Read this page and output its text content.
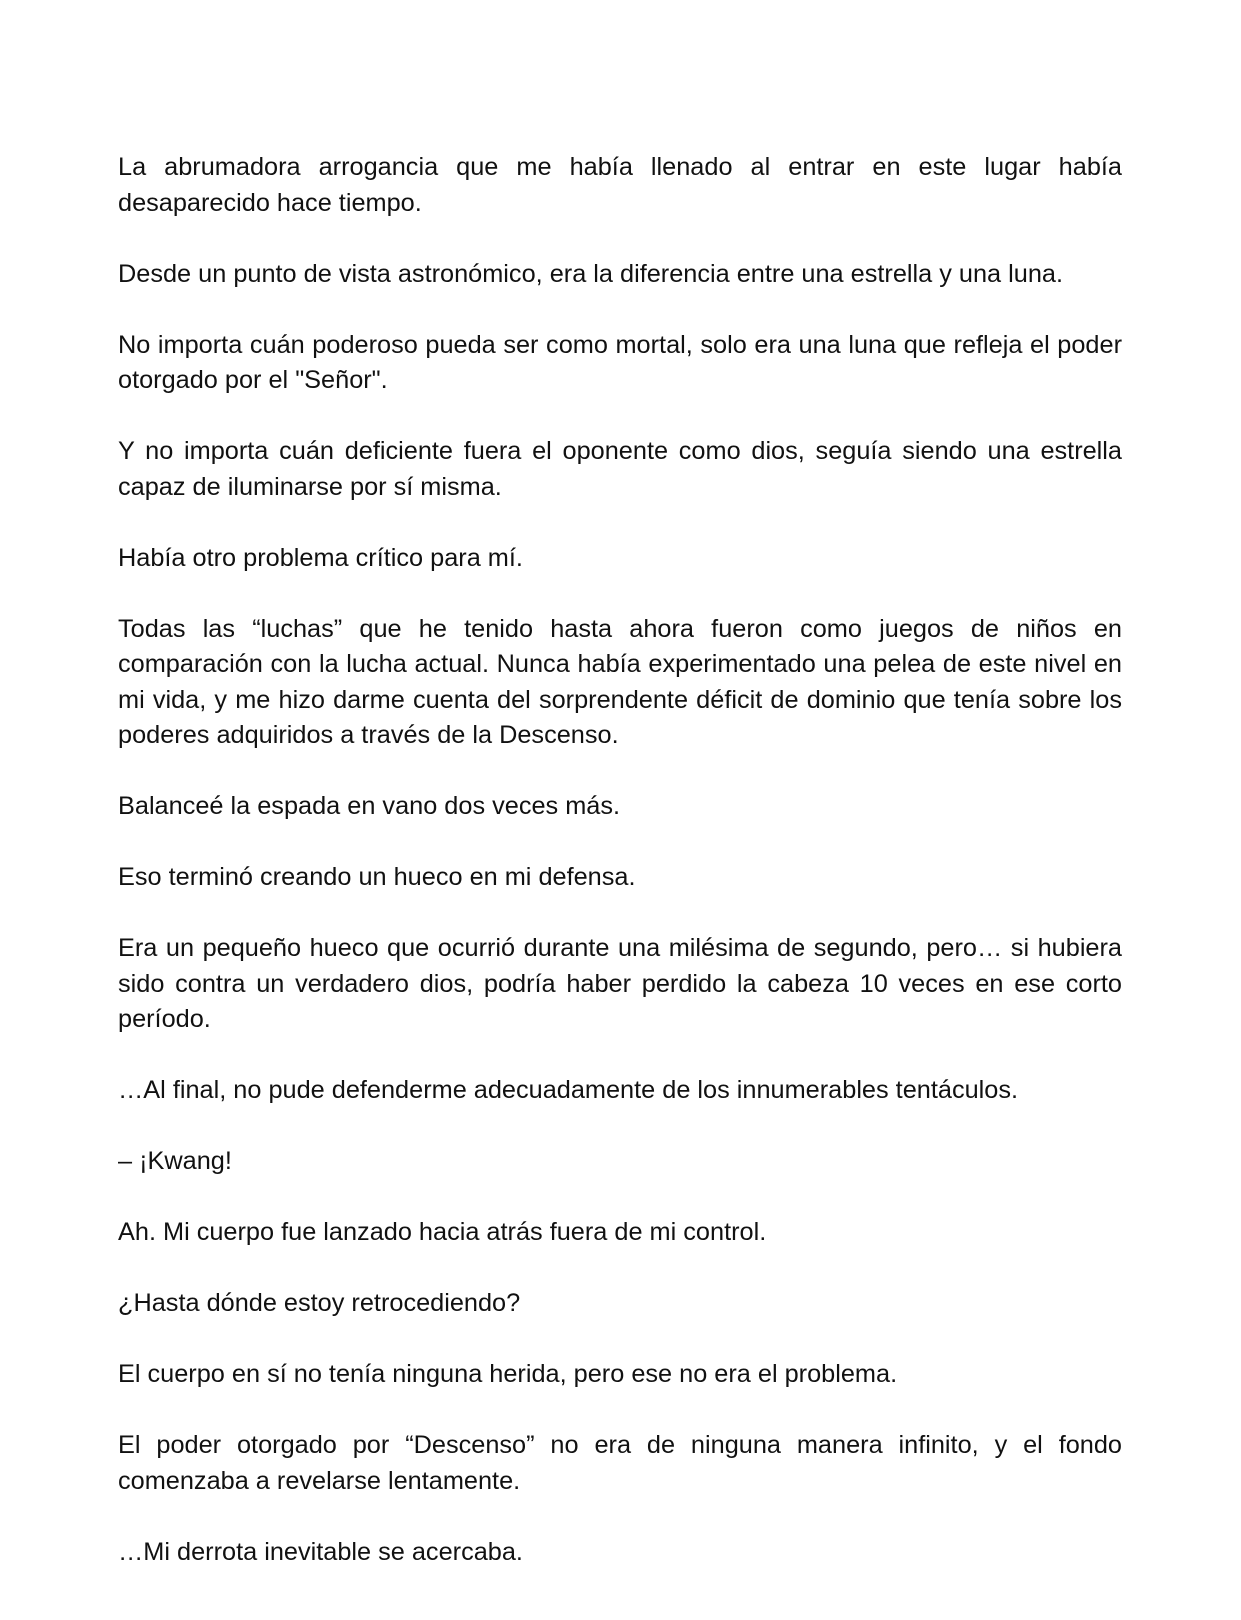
La abrumadora arrogancia que me había llenado al entrar en este lugar había desaparecido hace tiempo.

Desde un punto de vista astronómico, era la diferencia entre una estrella y una luna.

No importa cuán poderoso pueda ser como mortal, solo era una luna que refleja el poder otorgado por el "Señor".

Y no importa cuán deficiente fuera el oponente como dios, seguía siendo una estrella capaz de iluminarse por sí misma.

Había otro problema crítico para mí.

Todas las “luchas” que he tenido hasta ahora fueron como juegos de niños en comparación con la lucha actual. Nunca había experimentado una pelea de este nivel en mi vida, y me hizo darme cuenta del sorprendente déficit de dominio que tenía sobre los poderes adquiridos a través de la Descenso.

Balanceé la espada en vano dos veces más.

Eso terminó creando un hueco en mi defensa.

Era un pequeño hueco que ocurrió durante una milésima de segundo, pero… si hubiera sido contra un verdadero dios, podría haber perdido la cabeza 10 veces en ese corto período.

…Al final, no pude defenderme adecuadamente de los innumerables tentáculos.

– ¡Kwang!

Ah. Mi cuerpo fue lanzado hacia atrás fuera de mi control.

¿Hasta dónde estoy retrocediendo?

El cuerpo en sí no tenía ninguna herida, pero ese no era el problema.

El poder otorgado por “Descenso” no era de ninguna manera infinito, y el fondo comenzaba a revelarse lentamente.

…Mi derrota inevitable se acercaba.
